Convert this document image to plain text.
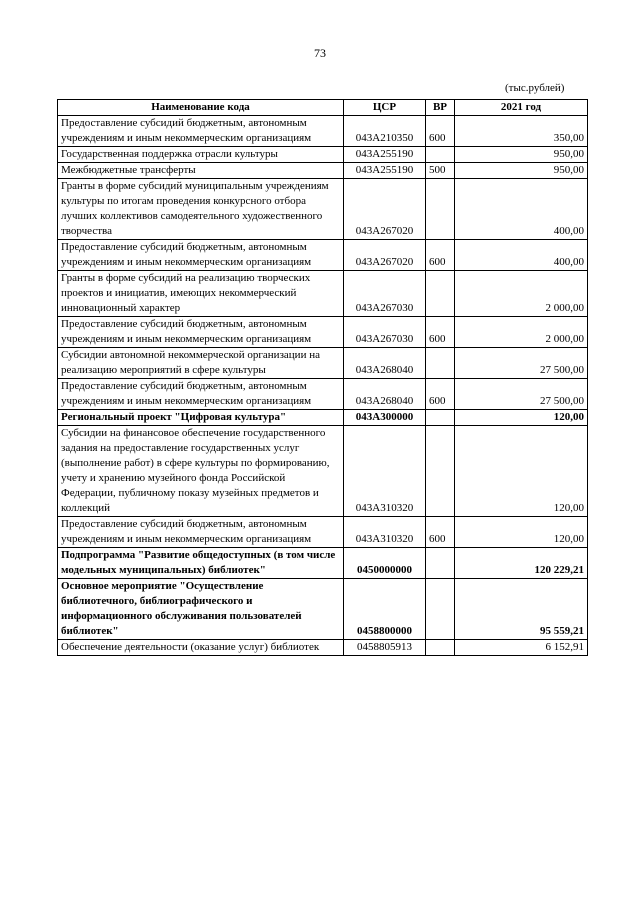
73
(тыс.рублей)
Наименование кода	ЦСР	ВР	2021 год
Предоставление субсидий бюджетным, автономным учреждениям и иным некоммерческим организациям	043А210350	600	350,00
Государственная поддержка отрасли культуры	043А255190		950,00
Межбюджетные трансферты	043А255190	500	950,00
Гранты в форме субсидий муниципальным учреждениям культуры по итогам проведения конкурсного отбора лучших коллективов самодеятельного художественного творчества	043А267020		400,00
Предоставление субсидий бюджетным, автономным учреждениям и иным некоммерческим организациям	043А267020	600	400,00
Гранты в форме субсидий на реализацию творческих проектов и инициатив, имеющих некоммерческий инновационный характер	043А267030		2 000,00
Предоставление субсидий бюджетным, автономным учреждениям и иным некоммерческим организациям	043А267030	600	2 000,00
Субсидии автономной некоммерческой организации на реализацию мероприятий в сфере культуры	043А268040		27 500,00
Предоставление субсидий бюджетным, автономным учреждениям и иным некоммерческим организациям	043А268040	600	27 500,00
Региональный проект "Цифровая культура"	043А300000		120,00
Субсидии на финансовое обеспечение государственного задания на предоставление государственных услуг (выполнение работ) в сфере культуры по формированию, учету и хранению музейного фонда Российской Федерации, публичному показу музейных предметов и коллекций	043А310320		120,00
Предоставление субсидий бюджетным, автономным учреждениям и иным некоммерческим организациям	043А310320	600	120,00
Подпрограмма "Развитие общедоступных (в том числе модельных муниципальных) библиотек"	0450000000		120 229,21
Основное мероприятие "Осуществление библиотечного, библиографического и информационного обслуживания пользователей библиотек"	0458800000		95 559,21
Обеспечение деятельности (оказание услуг) библиотек	0458805913		6 152,91
